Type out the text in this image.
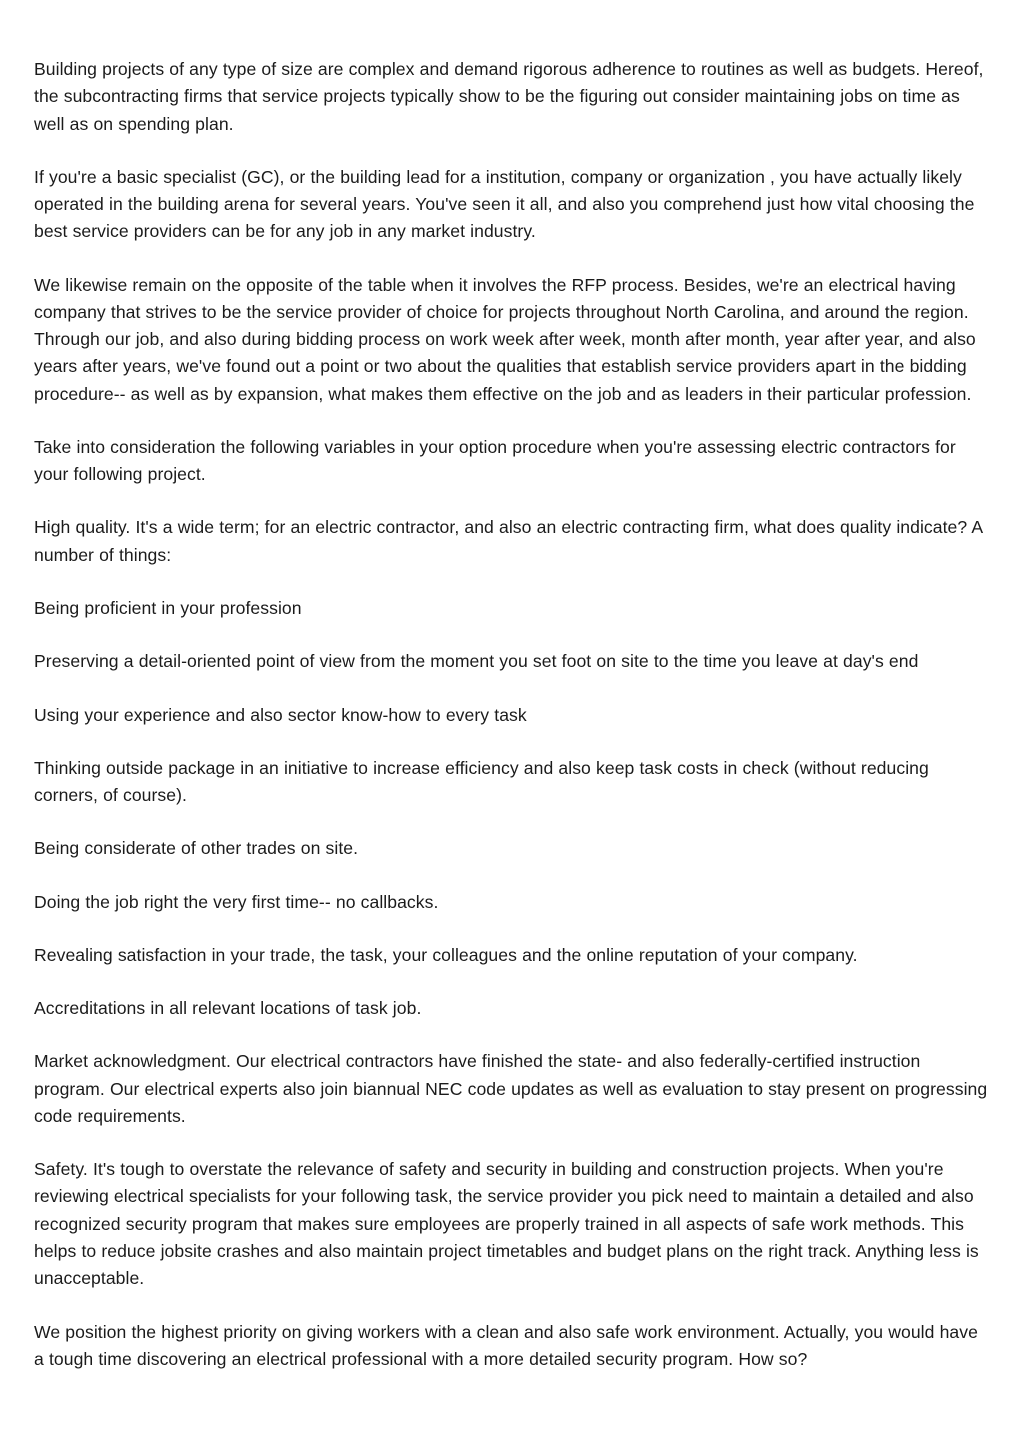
Building projects of any type of size are complex and demand rigorous adherence to routines as well as budgets. Hereof, the subcontracting firms that service projects typically show to be the figuring out consider maintaining jobs on time as well as on spending plan.

If you're a basic specialist (GC), or the building lead for a institution, company or organization , you have actually likely operated in the building arena for several years. You've seen it all, and also you comprehend just how vital choosing the best service providers can be for any job in any market industry.

We likewise remain on the opposite of the table when it involves the RFP process. Besides, we're an electrical having company that strives to be the service provider of choice for projects throughout North Carolina, and around the region. Through our job, and also during bidding process on work week after week, month after month, year after year, and also years after years, we've found out a point or two about the qualities that establish service providers apart in the bidding procedure-- as well as by expansion, what makes them effective on the job and as leaders in their particular profession.

Take into consideration the following variables in your option procedure when you're assessing electric contractors for your following project.

High quality. It's a wide term; for an electric contractor, and also an electric contracting firm, what does quality indicate? A number of things:

Being proficient in your profession

Preserving a detail-oriented point of view from the moment you set foot on site to the time you leave at day's end

Using your experience and also sector know-how to every task

Thinking outside package in an initiative to increase efficiency and also keep task costs in check (without reducing corners, of course).

Being considerate of other trades on site.

Doing the job right the very first time-- no callbacks.

Revealing satisfaction in your trade, the task, your colleagues and the online reputation of your company.

Accreditations in all relevant locations of task job.

Market acknowledgment. Our electrical contractors have finished the state- and also federally-certified instruction program. Our electrical experts also join biannual NEC code updates as well as evaluation to stay present on progressing code requirements.

Safety. It's tough to overstate the relevance of safety and security in building and construction projects. When you're reviewing electrical specialists for your following task, the service provider you pick need to maintain a detailed and also recognized security program that makes sure employees are properly trained in all aspects of safe work methods. This helps to reduce jobsite crashes and also maintain project timetables and budget plans on the right track. Anything less is unacceptable.

We position the highest priority on giving workers with a clean and also safe work environment. Actually, you would have a tough time discovering an electrical professional with a more detailed security program. How so?
